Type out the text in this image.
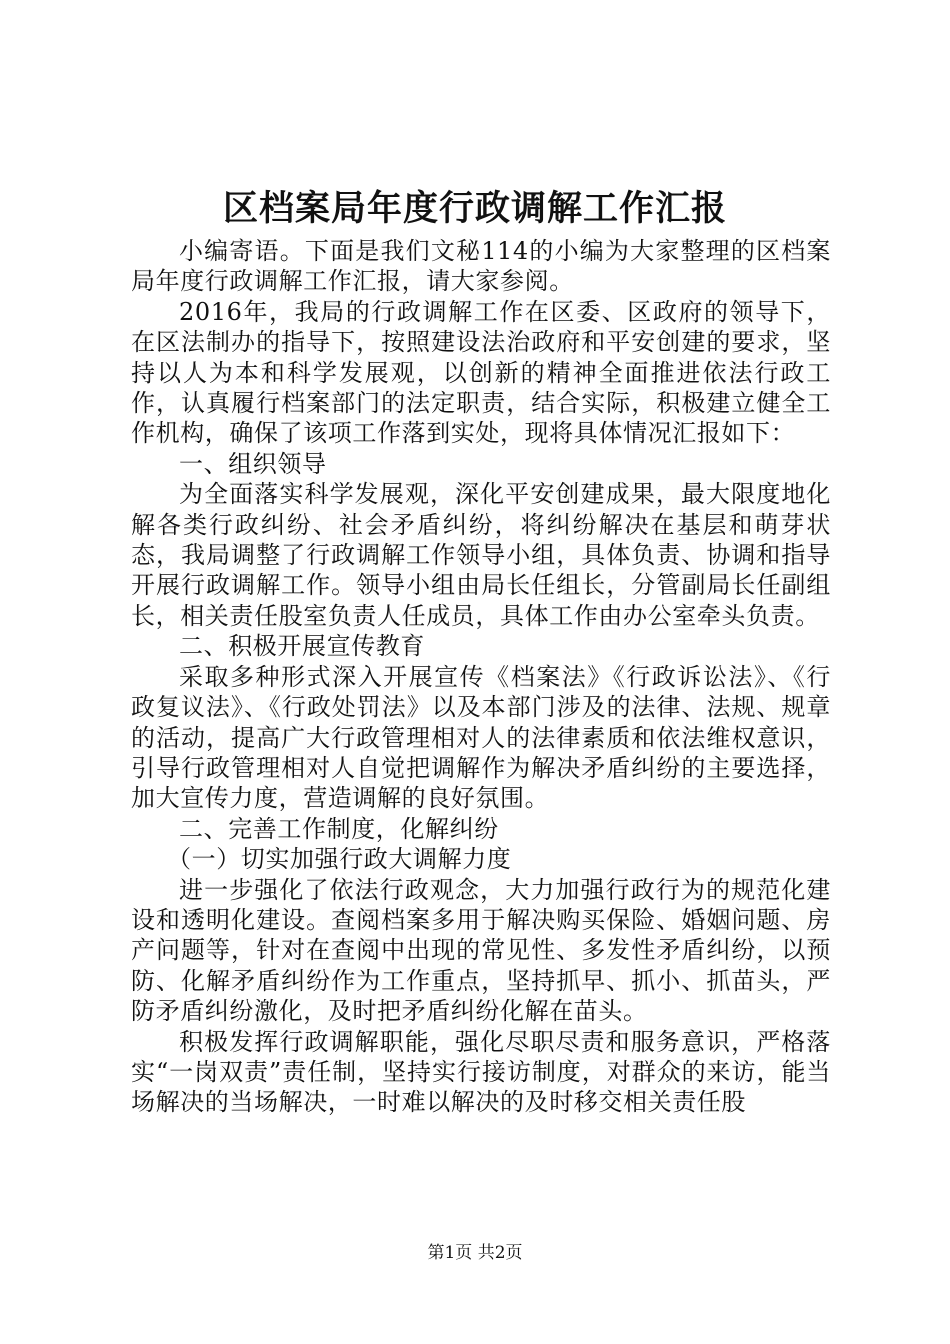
区档案局年度行政调解工作汇报

小编寄语。下面是我们文秘114的小编为大家整理的区档案局年度行政调解工作汇报，请大家参阅。

2016年，我局的行政调解工作在区委、区政府的领导下，在区法制办的指导下，按照建设法治政府和平安创建的要求，坚持以人为本和科学发展观，以创新的精神全面推进依法行政工作，认真履行档案部门的法定职责，结合实际，积极建立健全工作机构，确保了该项工作落到实处，现将具体情况汇报如下：

一、组织领导

为全面落实科学发展观，深化平安创建成果，最大限度地化解各类行政纠纷、社会矛盾纠纷，将纠纷解决在基层和萌芽状态，我局调整了行政调解工作领导小组，具体负责、协调和指导开展行政调解工作。领导小组由局长任组长，分管副局长任副组长，相关责任股室负责人任成员，具体工作由办公室牵头负责。

二、积极开展宣传教育

采取多种形式深入开展宣传《档案法》《行政诉讼法》、《行政复议法》、《行政处罚法》以及本部门涉及的法律、法规、规章的活动，提高广大行政管理相对人的法律素质和依法维权意识，引导行政管理相对人自觉把调解作为解决矛盾纠纷的主要选择，加大宣传力度，营造调解的良好氛围。

二、完善工作制度，化解纠纷

（一）切实加强行政大调解力度

进一步强化了依法行政观念，大力加强行政行为的规范化建设和透明化建设。查阅档案多用于解决购买保险、婚姻问题、房产问题等，针对在查阅中出现的常见性、多发性矛盾纠纷，以预防、化解矛盾纠纷作为工作重点，坚持抓早、抓小、抓苗头，严防矛盾纠纷激化，及时把矛盾纠纷化解在苗头。

积极发挥行政调解职能，强化尽职尽责和服务意识，严格落实“一岗双责”责任制，坚持实行接访制度，对群众的来访，能当场解决的当场解决，一时难以解决的及时移交相关责任股

第1页 共2页
